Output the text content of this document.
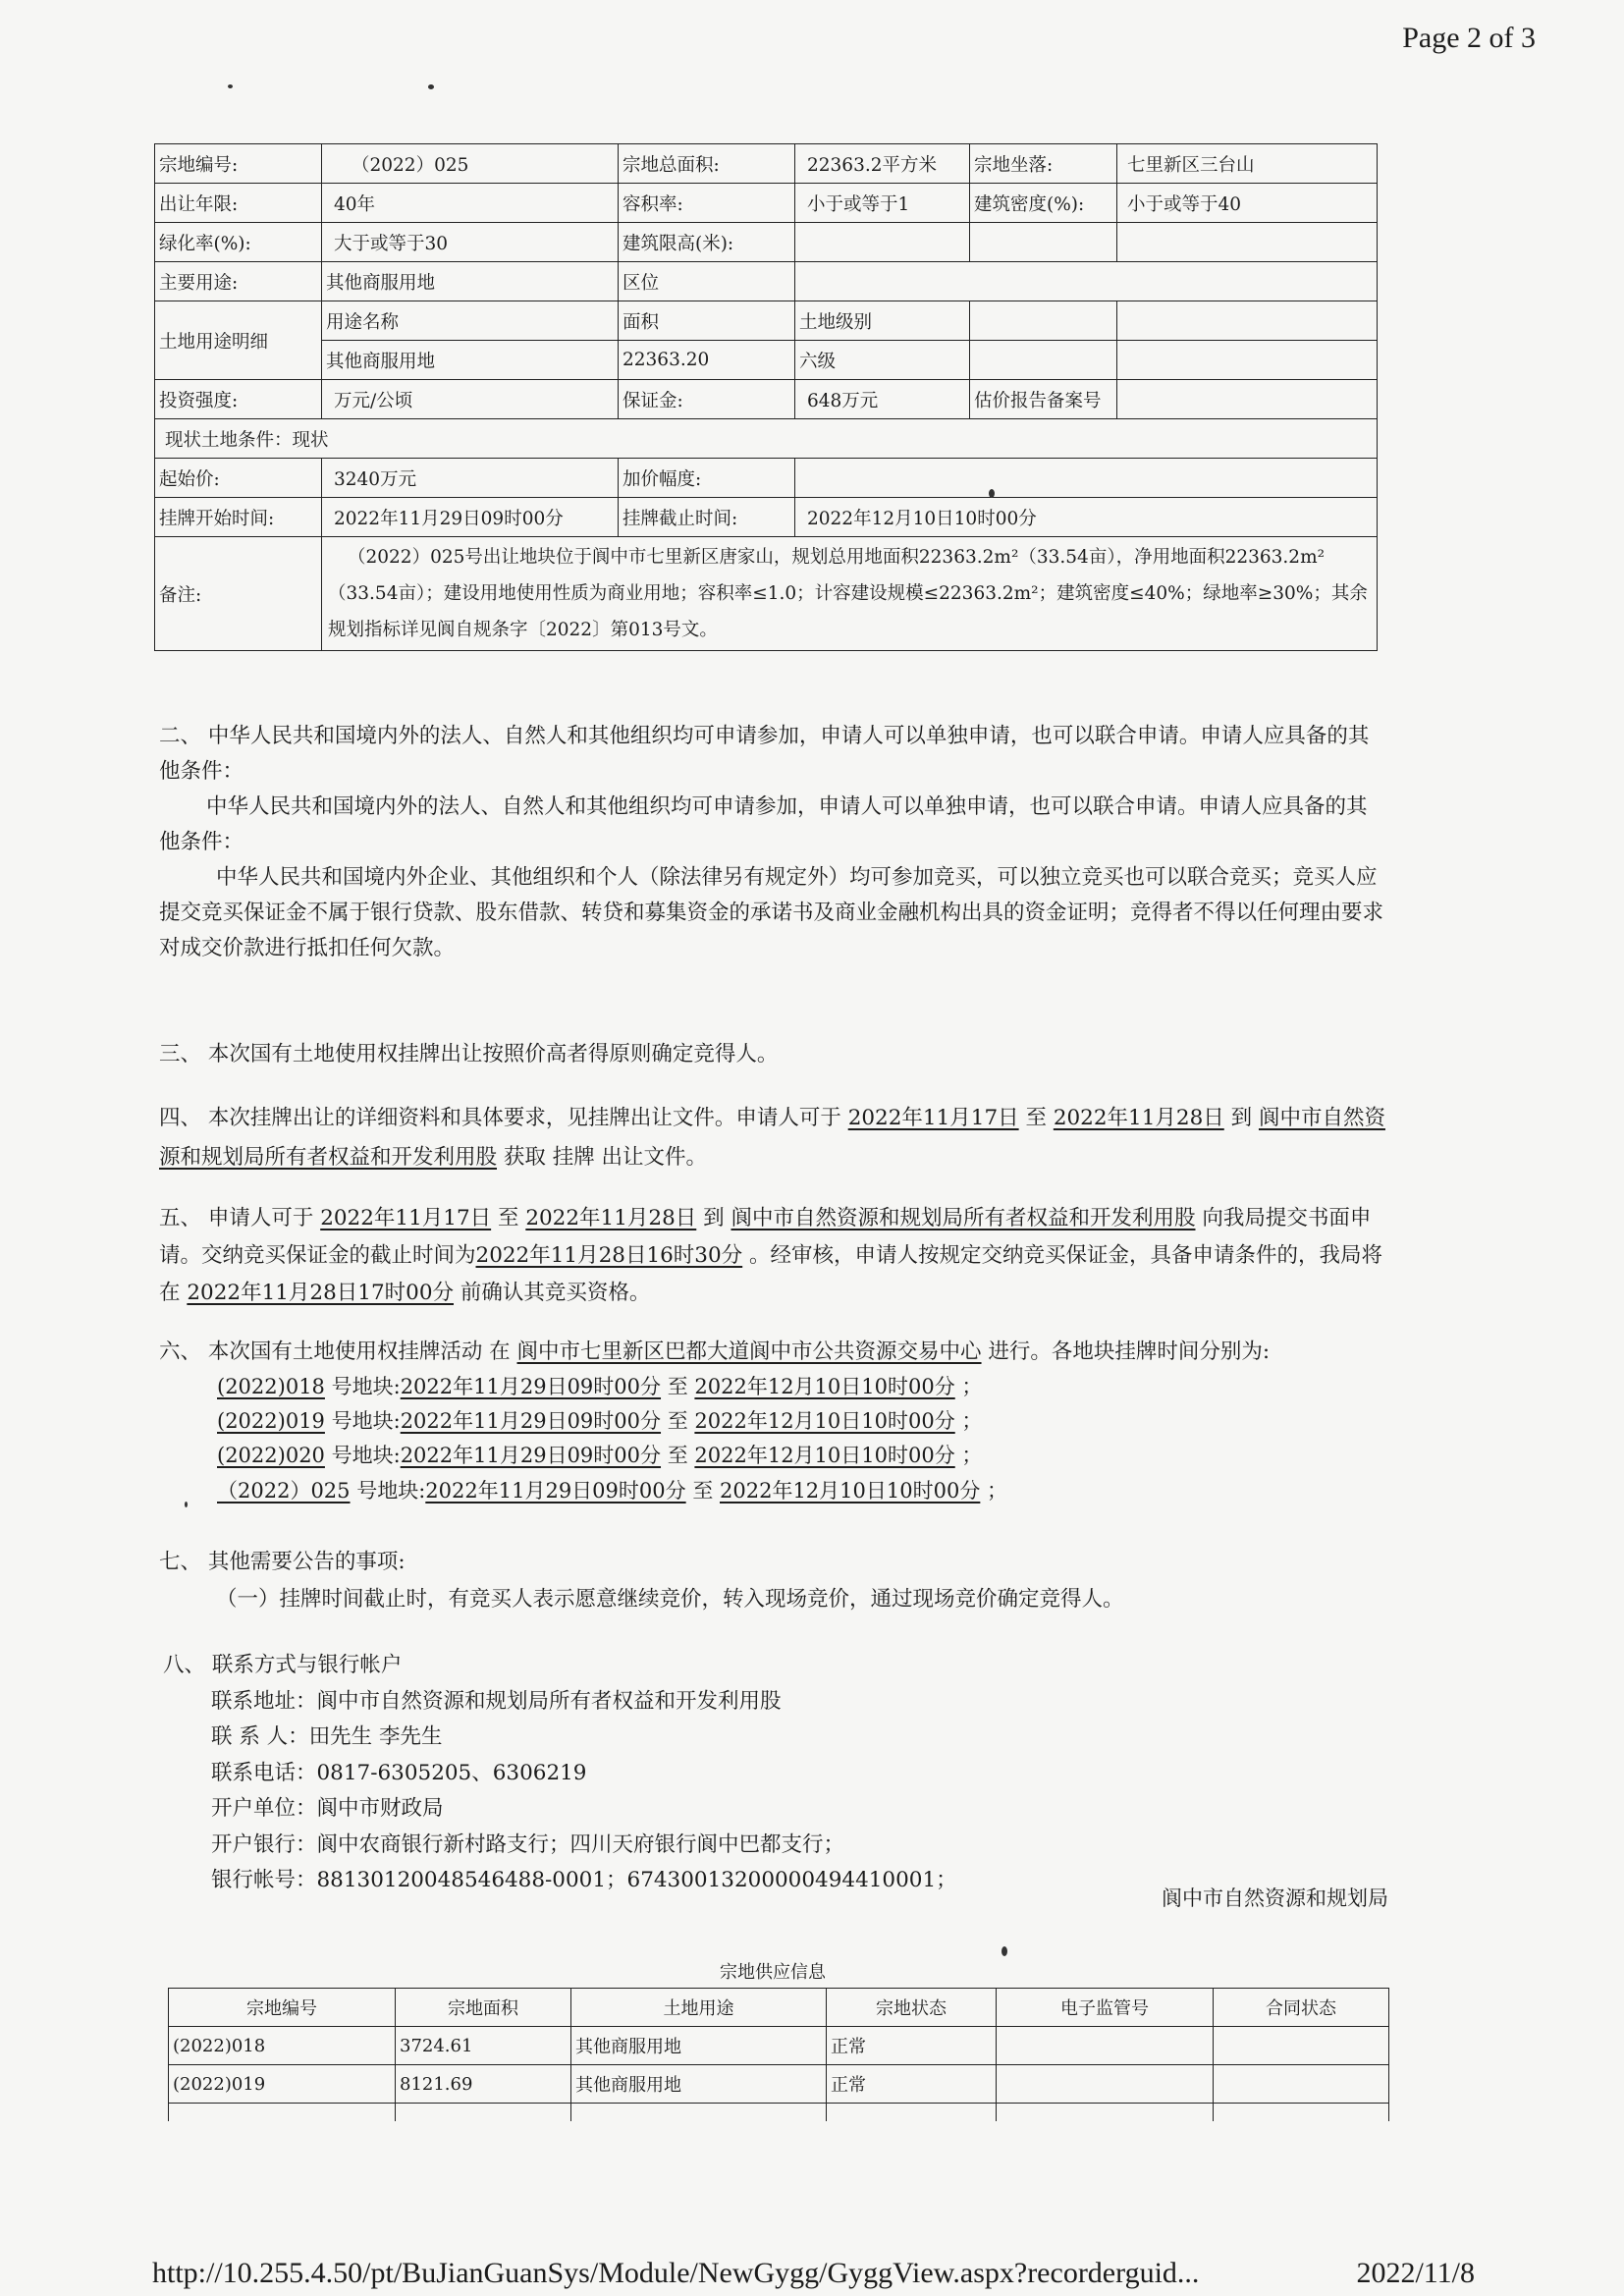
Page 2 of 3
宗地编号:	（2022）025	宗地总面积:	22363.2平方米	宗地坐落:	七里新区三台山
出让年限:	40年	容积率:	小于或等于1	建筑密度(%):	小于或等于40
绿化率(%):	大于或等于30	建筑限高(米):			
主要用途:	其他商服用地	区位			
土地用途明细	用途名称	面积	土地级别		
	其他商服用地	22363.20	六级		
投资强度:	万元/公顷	保证金:	648万元	估价报告备案号	
现状土地条件：现状					
起始价:	3240万元	加价幅度:			
挂牌开始时间:	2022年11月29日09时00分	挂牌截止时间:	2022年12月10日10时00分		
备注:	（2022）025号出让地块位于阆中市七里新区唐家山，规划总用地面积22363.2m²（33.54亩），净用地面积22363.2m²（33.54亩）；建设用地使用性质为商业用地；容积率≤1.0；计容建设规模≤22363.2m²；建筑密度≤40%；绿地率≥30%；其余规划指标详见阆自规条字〔2022〕第013号文。				
二、 中华人民共和国境内外的法人、自然人和其他组织均可申请参加，申请人可以单独申请，也可以联合申请。申请人应具备的其他条件：
中华人民共和国境内外的法人、自然人和其他组织均可申请参加，申请人可以单独申请，也可以联合申请。申请人应具备的其他条件：
中华人民共和国境内外企业、其他组织和个人（除法律另有规定外）均可参加竞买，可以独立竞买也可以联合竞买；竞买人应提交竞买保证金不属于银行贷款、股东借款、转贷和募集资金的承诺书及商业金融机构出具的资金证明；竞得者不得以任何理由要求对成交价款进行抵扣任何欠款。
三、 本次国有土地使用权挂牌出让按照价高者得原则确定竞得人。
四、 本次挂牌出让的详细资料和具体要求，见挂牌出让文件。申请人可于 2022年11月17日 至 2022年11月28日 到 阆中市自然资源和规划局所有者权益和开发利用股 获取 挂牌 出让文件。
五、 申请人可于 2022年11月17日 至 2022年11月28日 到 阆中市自然资源和规划局所有者权益和开发利用股 向我局提交书面申请。交纳竞买保证金的截止时间为2022年11月28日16时30分 。经审核，申请人按规定交纳竞买保证金，具备申请条件的，我局将在 2022年11月28日17时00分 前确认其竞买资格。
六、 本次国有土地使用权挂牌活动 在 阆中市七里新区巴都大道阆中市公共资源交易中心 进行。各地块挂牌时间分别为:
(2022)018 号地块:2022年11月29日09时00分 至 2022年12月10日10时00分 ；
(2022)019 号地块:2022年11月29日09时00分 至 2022年12月10日10时00分 ；
(2022)020 号地块:2022年11月29日09时00分 至 2022年12月10日10时00分 ；
（2022）025 号地块:2022年11月29日09时00分 至 2022年12月10日10时00分 ；
七、 其他需要公告的事项:
（一）挂牌时间截止时，有竞买人表示愿意继续竞价，转入现场竞价，通过现场竞价确定竞得人。
八、 联系方式与银行帐户
联系地址：阆中市自然资源和规划局所有者权益和开发利用股
联 系 人：田先生 李先生
联系电话：0817-6305205、6306219
开户单位：阆中市财政局
开户银行：阆中农商银行新村路支行；四川天府银行阆中巴都支行；
银行帐号：88130120048546488-0001；67430013200000494410001；
阆中市自然资源和规划局
宗地供应信息
宗地编号	宗地面积	土地用途	宗地状态	电子监管号	合同状态
(2022)018	3724.61	其他商服用地	正常		
(2022)019	8121.69	其他商服用地	正常		

http://10.255.4.50/pt/BuJianGuanSys/Module/NewGygg/GyggView.aspx?recorderguid...	2022/11/8
